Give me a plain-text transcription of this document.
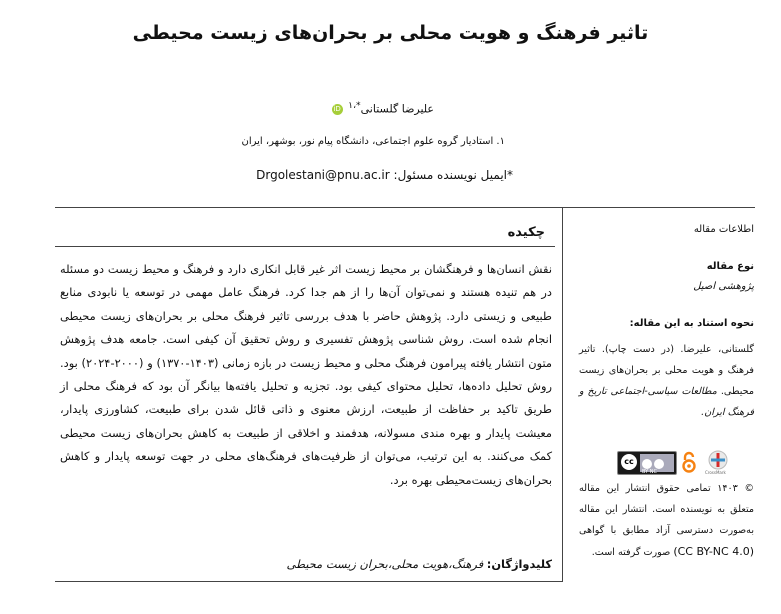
تاثیر فرهنگ و هویت محلی بر بحران‌های زیست محیطی
علیرضا گلستانی$^{*،۱}$ iD
۱. استادیار گروه علوم اجتماعی، دانشگاه پیام نور، بوشهر، ایران
*ایمیل نویسنده مسئول: Drgolestani@pnu.ac.ir
چکیده
نقش انسان‌ها و فرهنگشان بر محیط زیست اثر غیر قابل انکاری دارد و فرهنگ و محیط زیست دو مسئله در هم تنیده هستند و نمی‌توان آن‌ها را از هم جدا کرد. فرهنگ عامل مهمی در توسعه یا نابودی منابع طبیعی و زیستی دارد. پژوهش حاضر با هدف بررسی تاثیر فرهنگ محلی بر بحران‌های زیست محیطی انجام شده است. روش شناسی پژوهش تفسیری و روش تحقیق آن کیفی است. جامعه هدف پژوهش متون انتشار یافته پیرامون فرهنگ محلی و محیط زیست در بازه زمانی (۱۴۰۳-۱۳۷۰) و (۲۰۰۰-۲۰۲۴) بود. روش تحلیل داده‌ها، تحلیل محتوای کیفی بود. تجزیه و تحلیل یافته‌ها بیانگر آن بود که فرهنگ محلی از طریق تاکید بر حفاظت از طبیعت، ارزش معنوی و ذاتی قائل شدن برای طبیعت، کشاورزی پایدار، معیشت پایدار و بهره مندی مسولانه، هدفمند و اخلاقی از طبیعت به کاهش بحران‌های زیست محیطی کمک می‌کنند. به این ترتیب، می‌توان از ظرفیت‌های فرهنگ‌های محلی در جهت توسعه پایدار و کاهش بحران‌های زیست‌محیطی بهره برد.
کلیدواژگان: فرهنگ،هویت محلی،بحران زیست محیطی
اطلاعات مقاله
نوع مقاله
پژوهشی اصیل
نحوه استناد به این مقاله:
گلستانی، علیرضا. (در دست چاپ). تاثیر فرهنگ و هویت محلی بر بحران‌های زیست محیطی. مطالعات سیاسی-اجتماعی تاریخ و فرهنگ ایران.
cc
BY NC	CrossMark
© ۱۴۰۳ تمامی حقوق انتشار این مقاله متعلق به نویسنده است. انتشار این مقاله به‌صورت دسترسی آزاد مطابق با گواهی (CC BY-NC 4.0) صورت گرفته است.
